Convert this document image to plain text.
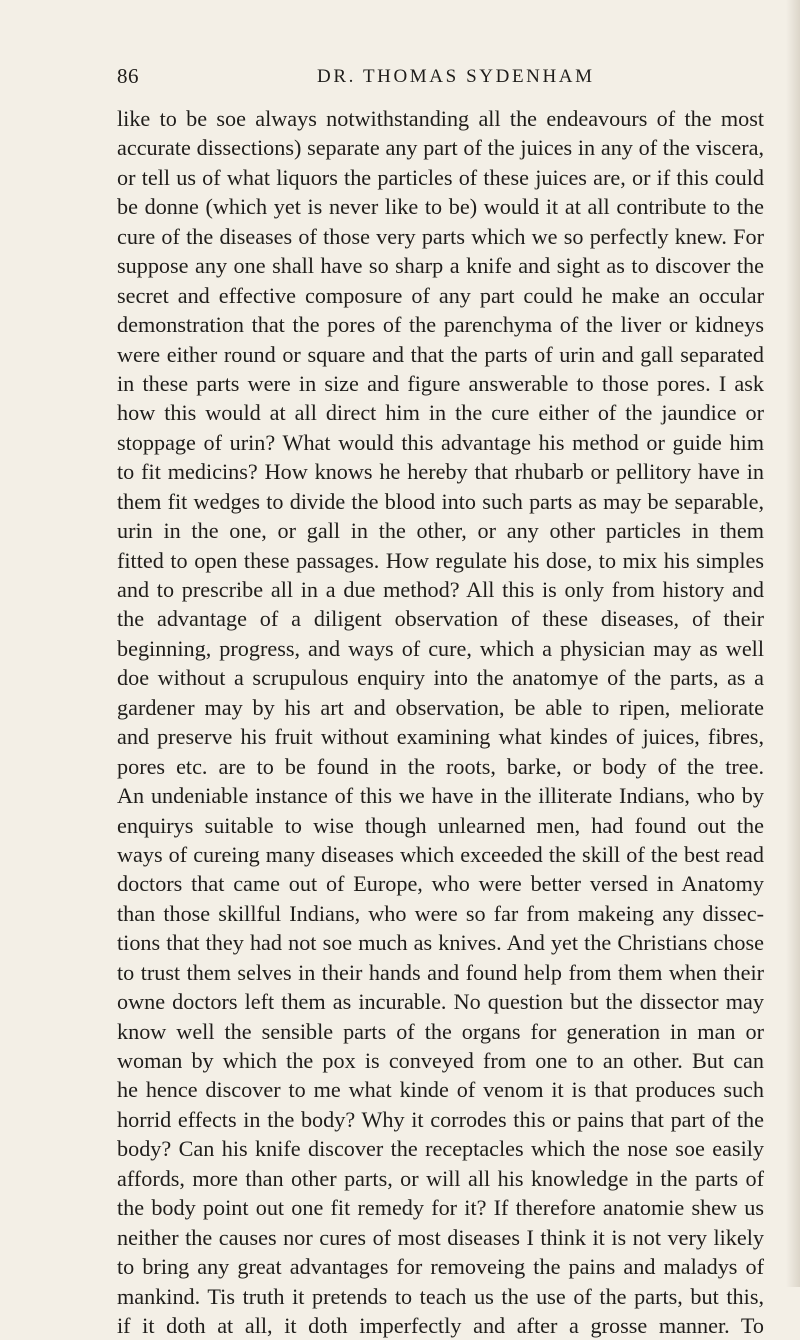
86	DR. THOMAS SYDENHAM
like to be soe always notwithstanding all the endeavours of the most
accurate dissections) separate any part of the juices in any of the viscera,
or tell us of what liquors the particles of these juices are, or if this could
be donne (which yet is never like to be) would it at all contribute to the
cure of the diseases of those very parts which we so perfectly knew. For
suppose any one shall have so sharp a knife and sight as to discover the
secret and effective composure of any part could he make an occular
demonstration that the pores of the parenchyma of the liver or kidneys
were either round or square and that the parts of urin and gall separated
in these parts were in size and figure answerable to those pores. I ask
how this would at all direct him in the cure either of the jaundice or
stoppage of urin? What would this advantage his method or guide him
to fit medicins? How knows he hereby that rhubarb or pellitory have in
them fit wedges to divide the blood into such parts as may be separable,
urin in the one, or gall in the other, or any other particles in them
fitted to open these passages. How regulate his dose, to mix his simples
and to prescribe all in a due method? All this is only from history and
the advantage of a diligent observation of these diseases, of their
beginning, progress, and ways of cure, which a physician may as well
doe without a scrupulous enquiry into the anatomye of the parts, as a
gardener may by his art and observation, be able to ripen, meliorate
and preserve his fruit without examining what kindes of juices, fibres,
pores etc. are to be found in the roots, barke, or body of the tree.
An undeniable instance of this we have in the illiterate Indians, who by
enquirys suitable to wise though unlearned men, had found out the
ways of cureing many diseases which exceeded the skill of the best read
doctors that came out of Europe, who were better versed in Anatomy
than those skillful Indians, who were so far from makeing any dissec-
tions that they had not soe much as knives. And yet the Christians chose
to trust them selves in their hands and found help from them when their
owne doctors left them as incurable. No question but the dissector may
know well the sensible parts of the organs for generation in man or
woman by which the pox is conveyed from one to an other. But can
he hence discover to me what kinde of venom it is that produces such
horrid effects in the body? Why it corrodes this or pains that part of the
body? Can his knife discover the receptacles which the nose soe easily
affords, more than other parts, or will all his knowledge in the parts of
the body point out one fit remedy for it? If therefore anatomie shew us
neither the causes nor cures of most diseases I think it is not very likely
to bring any great advantages for removeing the pains and maladys of
mankind. Tis truth it pretends to teach us the use of the parts, but this,
if it doth at all, it doth imperfectly and after a grosse manner. To
